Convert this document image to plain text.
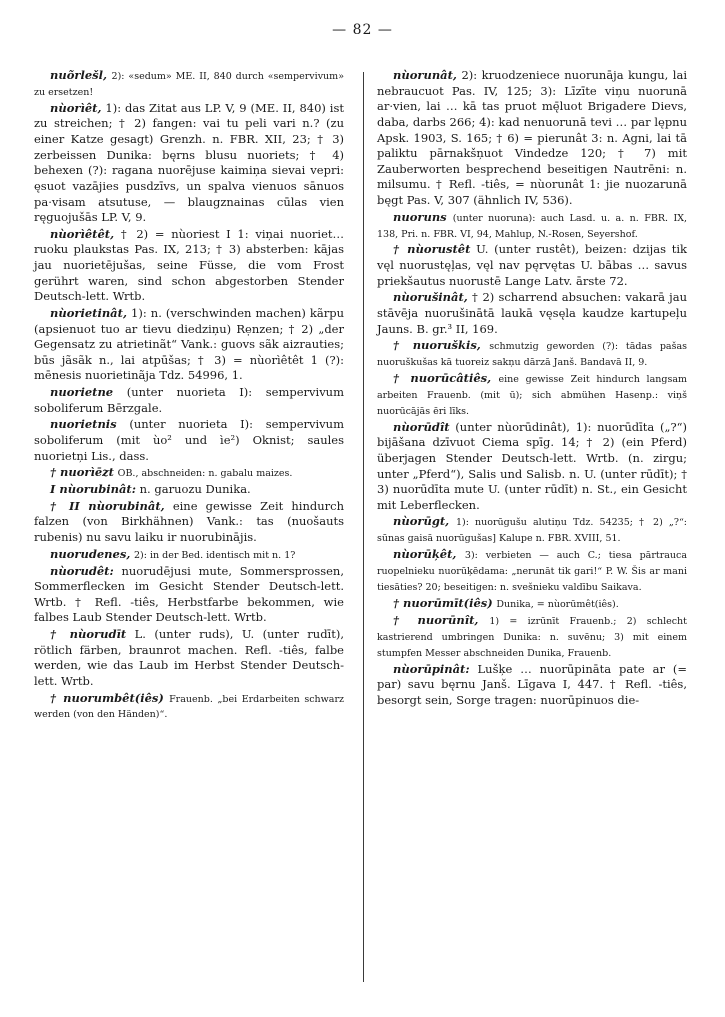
— 82 —

nuõrlešl, 2): «sedum» ME. II, 840 durch «sempervivum» zu ersetzen!

nùorìêt, 1): das Zitat aus LP. V, 9 (ME. II, 840) ist zu streichen; † 2) fangen: vai tu peli vari n.? (zu einer Katze gesagt) Grenzh. n. FBR. XII, 23; † 3) zerbeissen Dunika: bęrns blusu nuoriets; † 4) behexen (?): ragana nuorējuse kaimiņa sievai vepri: ęsuot vazājies pusdzīvs, un spalva vienuos sānuos pa·visam atsutuse, — blaugznainas cūlas vien ręguojušās LP. V, 9.

nùorìêtêt, † 2) = nùoriest I 1: viņai nuoriet… ruoku plaukstas Pas. IX, 213; † 3) absterben: kājas jau nuorietējušas, seine Füsse, die vom Frost gerührt waren, sind schon abgestorben Stender Deutsch-lett. Wrtb.

nùorietinât, 1): n. (verschwinden machen) kãrpu (apsienuot tuo ar tievu diedziņu) Rẹnzen; † 2) „der Gegensatz zu atrietinãt“ Vank.: guovs sãk aizrauties; būs jãsãk n., lai atpūšas; † 3) = nùorìêtêt 1 (?): mēnesis nuorietinãja Tdz. 54996, 1.

nuorietne (unter nuorieta I): sempervivum soboliferum Bērzgale.

nuorietnis (unter nuorieta I): sempervivum soboliferum (mit ùo² und ìe²) Oknist; saules nuorietņi Lis., dass.

† nuorìēzt OB., abschneiden: n. gabalu maizes.

I nùorubinât: n. garuozu Dunika.

† II nùorubinât, eine gewisse Zeit hindurch falzen (von Birkhähnen) Vank.: tas (nuošauts rubenis) nu savu laiku ir nuorubinājis.

nuorudenes, 2): in der Bed. identisch mit n. 1?

nùorudêt: nuorudējusi mute, Sommersprossen, Sommerflecken im Gesicht Stender Deutsch-lett. Wrtb. † Refl. -tiês, Herbstfarbe bekommen, wie falbes Laub Stender Deutsch-lett. Wrtb.

† nùorudīt L. (unter ruds), U. (unter rudīt), rötlich färben, braunrot machen. Refl. -tiês, falbe werden, wie das Laub im Herbst Stender Deutsch-lett. Wrtb.

† nuorumbêt(iês) Frauenb. „bei Erdarbeiten schwarz werden (von den Händen)“.

nùorunât, 2): kruodzeniece nuorunāja kungu, lai nebraucuot Pas. IV, 125; 3): Līzīte viņu nuorunā ar·vien, lai … kā tas pruot mę̄luot Brigadere Dievs, daba, darbs 266; 4): kad nenuorunā tevi … par lępnu Apsk. 1903, S. 165; † 6) = pierunât 3: n. Agni, lai tā paliktu pārnakšņuot Vindedze 120; † 7) mit Zauberworten besprechend beseitigen Nautrēni: n. milsumu. † Refl. -tiês, = nùorunât 1: jie nuozarunā bęgt Pas. V, 307 (ähnlich IV, 536).

nuoruns (unter nuoruna): auch Lasd. u. a. n. FBR. IX, 138, Pri. n. FBR. VI, 94, Mahlup, N.-Rosen, Seyershof.

† nùorustêt U. (unter rustêt), beizen: dzijas tik vęl nuorustęļas, vęl nav pęrvętas U. bābas … savus priekšautus nuorustē Lange Latv. ārste 72.

nùorušinât, † 2) scharrend absuchen: vakarā jau stāvēja nuorušinātā laukā vęsęla kaudze kartupeļu Jauns. B. gr.³ II, 169.

† nuoruškis, schmutzig geworden (?): tādas pašas nuoruškušas kā tuoreiz sakņu dārzā Janš. Bandavā II, 9.

† nuorūcâtiês, eine gewisse Zeit hindurch langsam arbeiten Frauenb. (mit ū); sich abmühen Hasenp.: viņš nuorūcājās ēri līks.

nùorūdît (unter nùorūdinât), 1): nuorūdīta („?“) bijāšana dzīvuot Ciema spīg. 14; † 2) (ein Pferd) überjagen Stender Deutsch-lett. Wrtb. (n. zirgu; unter „Pferd“), Salis und Salisb. n. U. (unter rūdīt); † 3) nuorūdīta mute U. (unter rūdīt) n. St., ein Gesicht mit Leberflecken.

nùorūgt, 1): nuorūgušu alutiņu Tdz. 54235; † 2) „?“: sūnas gaisā nuorūgušas] Kalupe n. FBR. XVIII, 51.

nùorūķêt, 3): verbieten — auch C.; tiesa pārtrauca ruopelnieku nuorūķēdama: „nerunāt tik gari!“ P. W. Šis ar mani tiesāties? 20; beseitigen: n. svešnieku valdību Saikava.

† nuorūmīt(iês) Dunika, = nùorūmêt(iês).

† nuorūnît, 1) = izrūnīt Frauenb.; 2) schlecht kastrierend umbringen Dunika: n. suvēnu; 3) mit einem stumpfen Messer abschneiden Dunika, Frauenb.

nùorūpinât: Lušķe … nuorūpināta pate ar (= par) savu bęrnu Janš. Līgava I, 447. † Refl. -tiês, besorgt sein, Sorge tragen: nuorūpinuos die-
